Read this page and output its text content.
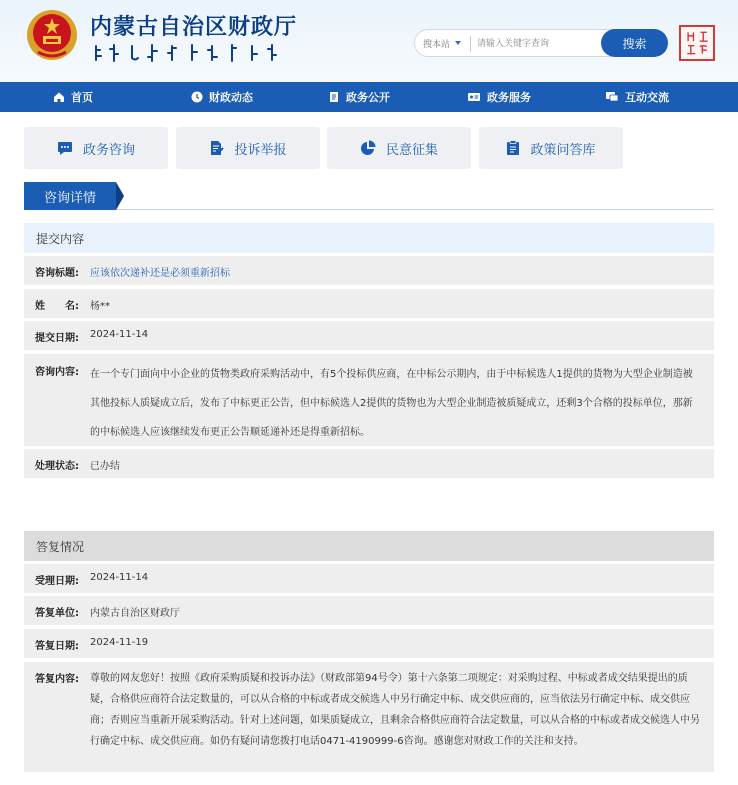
内蒙古自治区财政厅
搜本站
请输入关键字查询	搜索
首页	财政动态	政务公开	政务服务	互动交流
政务咨询	投诉举报	民意征集	政策问答库
咨询详情
提交内容
咨询标题: 应该依次递补还是必须重新招标
姓　　名: 杨**
提交日期: 2024-11-14
咨询内容: 在一个专门面向中小企业的货物类政府采购活动中，有5个投标供应商，在中标公示期内，由于中标候选人1提供的货物为大型企业制造被其他投标人质疑成立后，发布了中标更正公告，但中标候选人2提供的货物也为大型企业制造被质疑成立，还剩3个合格的投标单位，那新的中标候选人应该继续发布更正公告顺延递补还是得重新招标。
处理状态: 已办结
答复情况
受理日期: 2024-11-14
答复单位: 内蒙古自治区财政厅
答复日期: 2024-11-19
答复内容: 尊敬的网友您好！按照《政府采购质疑和投诉办法》（财政部第94号令）第十六条第二项规定：对采购过程、中标或者成交结果提出的质疑，合格供应商符合法定数量的，可以从合格的中标或者成交候选人中另行确定中标、成交供应商的，应当依法另行确定中标、成交供应商；否则应当重新开展采购活动。针对上述问题，如果质疑成立，且剩余合格供应商符合法定数量，可以从合格的中标或者成交候选人中另行确定中标、成交供应商。如仍有疑问请您拨打电话0471-4190999-6咨询。感谢您对财政工作的关注和支持。
